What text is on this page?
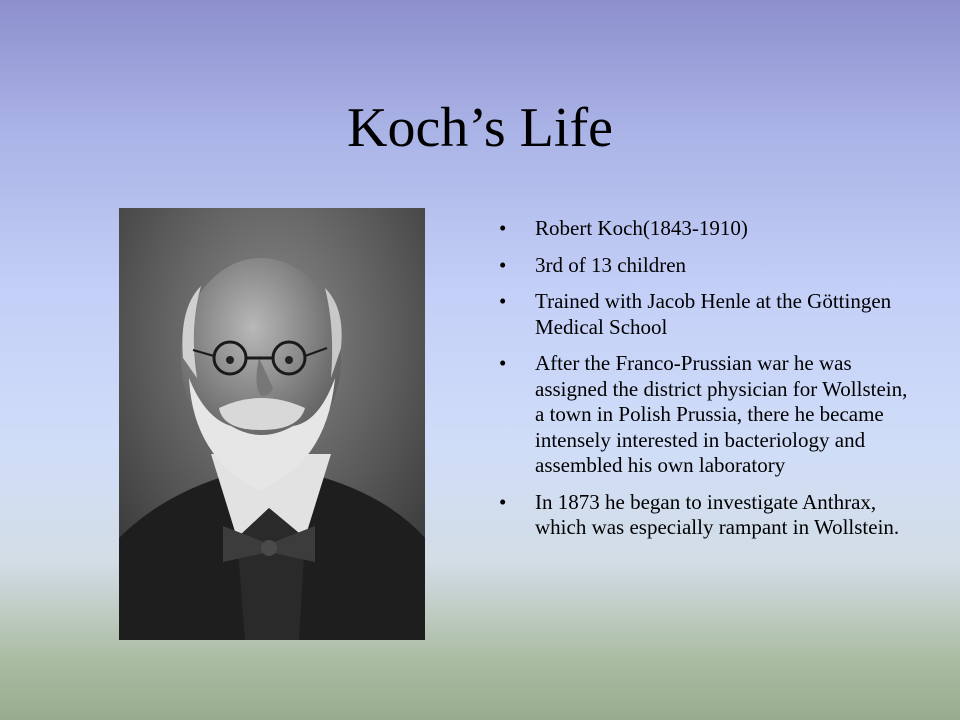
Koch’s Life
• Robert Koch(1843-1910)
• 3rd of 13 children
• Trained with Jacob Henle at the Göttingen Medical School
• After the Franco-Prussian war he was assigned the district physician for Wollstein, a town in Polish Prussia, there he became intensely interested in bacteriology and assembled his own laboratory
• In 1873 he began to investigate Anthrax, which was especially rampant in Wollstein.
